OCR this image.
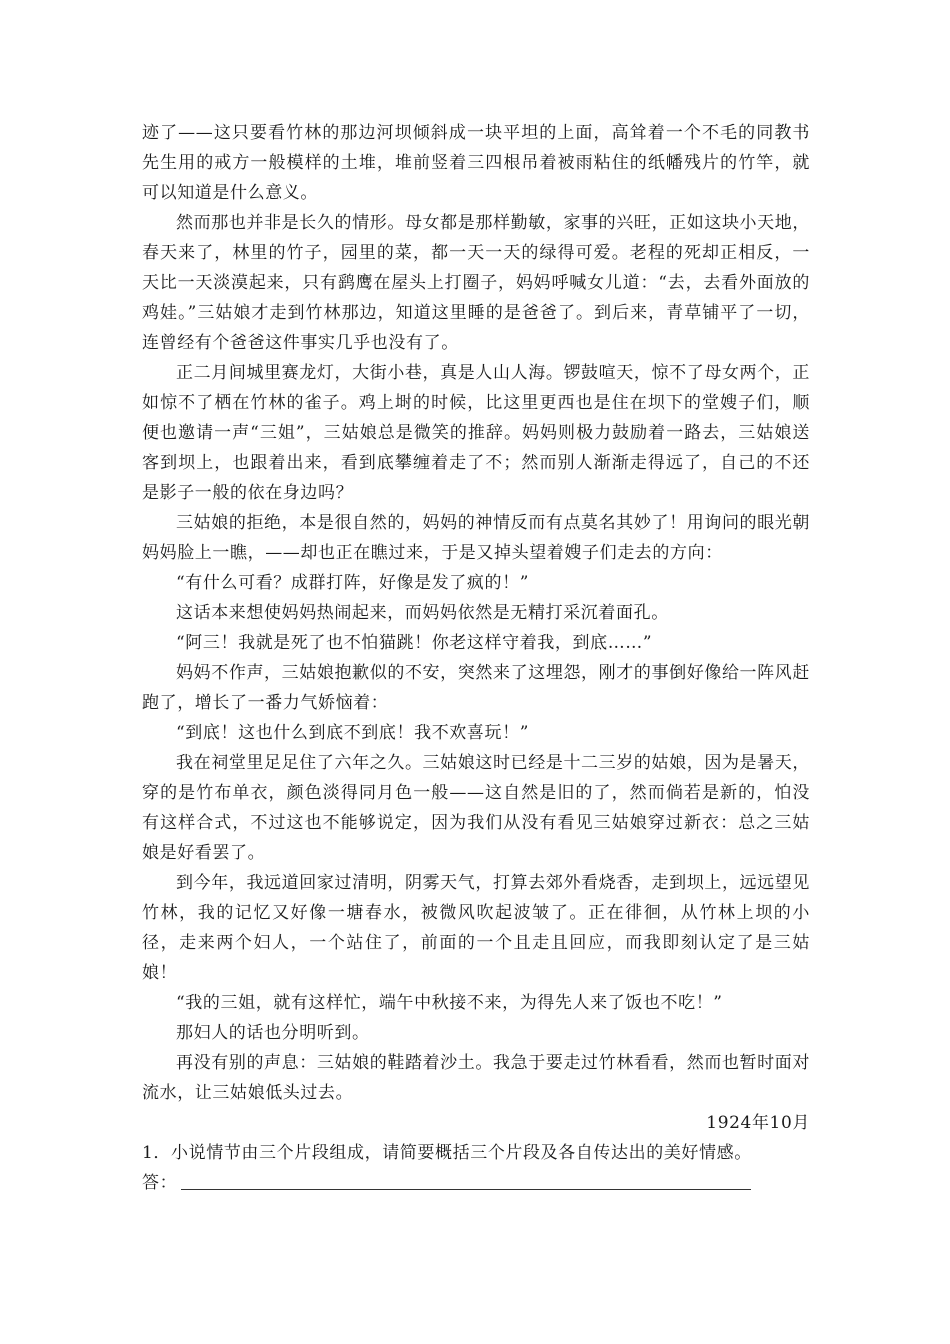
迹了——这只要看竹林的那边河坝倾斜成一块平坦的上面，高耸着一个不毛的同教书先生用的戒方一般模样的土堆，堆前竖着三四根吊着被雨粘住的纸幡残片的竹竿，就可以知道是什么意义。

然而那也并非是长久的情形。母女都是那样勤敏，家事的兴旺，正如这块小天地，春天来了，林里的竹子，园里的菜，都一天一天的绿得可爱。老程的死却正相反，一天比一天淡漠起来，只有鹞鹰在屋头上打圈子，妈妈呼喊女儿道：“去，去看外面放的鸡娃。”三姑娘才走到竹林那边，知道这里睡的是爸爸了。到后来，青草铺平了一切，连曾经有个爸爸这件事实几乎也没有了。

正二月间城里赛龙灯，大街小巷，真是人山人海。锣鼓喧天，惊不了母女两个，正如惊不了栖在竹林的雀子。鸡上埘的时候，比这里更西也是住在坝下的堂嫂子们，顺便也邀请一声“三姐”，三姑娘总是微笑的推辞。妈妈则极力鼓励着一路去，三姑娘送客到坝上，也跟着出来，看到底攀缠着走了不；然而别人渐渐走得远了，自己的不还是影子一般的依在身边吗？

三姑娘的拒绝，本是很自然的，妈妈的神情反而有点莫名其妙了！用询问的眼光朝妈妈脸上一瞧，——却也正在瞧过来，于是又掉头望着嫂子们走去的方向：

“有什么可看？成群打阵，好像是发了疯的！”

这话本来想使妈妈热闹起来，而妈妈依然是无精打采沉着面孔。

“阿三！我就是死了也不怕猫跳！你老这样守着我，到底……”

妈妈不作声，三姑娘抱歉似的不安，突然来了这埋怨，刚才的事倒好像给一阵风赶跑了，增长了一番力气娇恼着：

“到底！这也什么到底不到底！我不欢喜玩！”

我在祠堂里足足住了六年之久。三姑娘这时已经是十二三岁的姑娘，因为是暑天，穿的是竹布单衣，颜色淡得同月色一般——这自然是旧的了，然而倘若是新的，怕没有这样合式，不过这也不能够说定，因为我们从没有看见三姑娘穿过新衣：总之三姑娘是好看罢了。

到今年，我远道回家过清明，阴雾天气，打算去郊外看烧香，走到坝上，远远望见竹林，我的记忆又好像一塘春水，被微风吹起波皱了。正在徘徊，从竹林上坝的小径，走来两个妇人，一个站住了，前面的一个且走且回应，而我即刻认定了是三姑娘！

“我的三姐，就有这样忙，端午中秋接不来，为得先人来了饭也不吃！”

那妇人的话也分明听到。

再没有别的声息：三姑娘的鞋踏着沙土。我急于要走过竹林看看，然而也暂时面对流水，让三姑娘低头过去。

1924年10月

1．小说情节由三个片段组成，请简要概括三个片段及各自传达出的美好情感。

答：
